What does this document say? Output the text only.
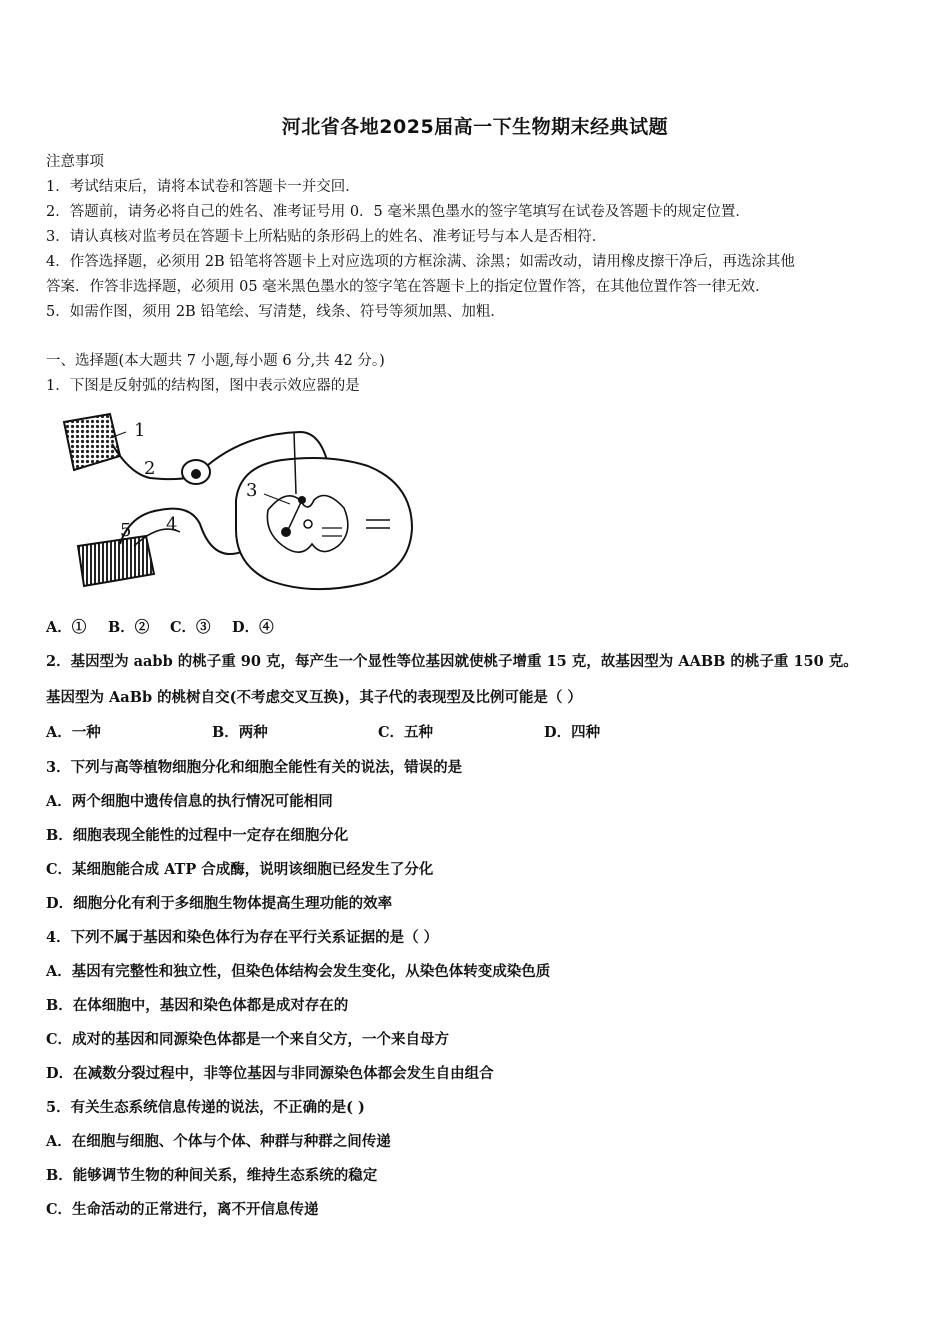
河北省各地2025届高一下生物期末经典试题
注意事项
1．考试结束后，请将本试卷和答题卡一并交回．
2．答题前，请务必将自己的姓名、准考证号用 0．5 毫米黑色墨水的签字笔填写在试卷及答题卡的规定位置．
3．请认真核对监考员在答题卡上所粘贴的条形码上的姓名、准考证号与本人是否相符．
4．作答选择题，必须用 2B 铅笔将答题卡上对应选项的方框涂满、涂黑；如需改动，请用橡皮擦干净后，再选涂其他
答案．作答非选择题，必须用 05 毫米黑色墨水的签字笔在答题卡上的指定位置作答，在其他位置作答一律无效．
5．如需作图，须用 2B 铅笔绘、写清楚，线条、符号等须加黑、加粗．
一、选择题(本大题共 7 小题,每小题 6 分,共 42 分。)
1．下图是反射弧的结构图，图中表示效应器的是
1
2
3
4
5
A．① B．② C．③ D．④
2．基因型为 aabb 的桃子重 90 克，每产生一个显性等位基因就使桃子增重 15 克，故基因型为 AABB 的桃子重 150 克。
基因型为 AaBb 的桃树自交(不考虑交叉互换)，其子代的表现型及比例可能是（ ）
A．一种	B．两种	C．五种	D．四种
3．下列与高等植物细胞分化和细胞全能性有关的说法，错误的是
A．两个细胞中遗传信息的执行情况可能相同
B．细胞表现全能性的过程中一定存在细胞分化
C．某细胞能合成 ATP 合成酶，说明该细胞已经发生了分化
D．细胞分化有利于多细胞生物体提高生理功能的效率
4．下列不属于基因和染色体行为存在平行关系证据的是（ ）
A．基因有完整性和独立性，但染色体结构会发生变化，从染色体转变成染色质
B．在体细胞中，基因和染色体都是成对存在的
C．成对的基因和同源染色体都是一个来自父方，一个来自母方
D．在减数分裂过程中，非等位基因与非同源染色体都会发生自由组合
5．有关生态系统信息传递的说法，不正确的是( )
A．在细胞与细胞、个体与个体、种群与种群之间传递
B．能够调节生物的种间关系，维持生态系统的稳定
C．生命活动的正常进行，离不开信息传递
